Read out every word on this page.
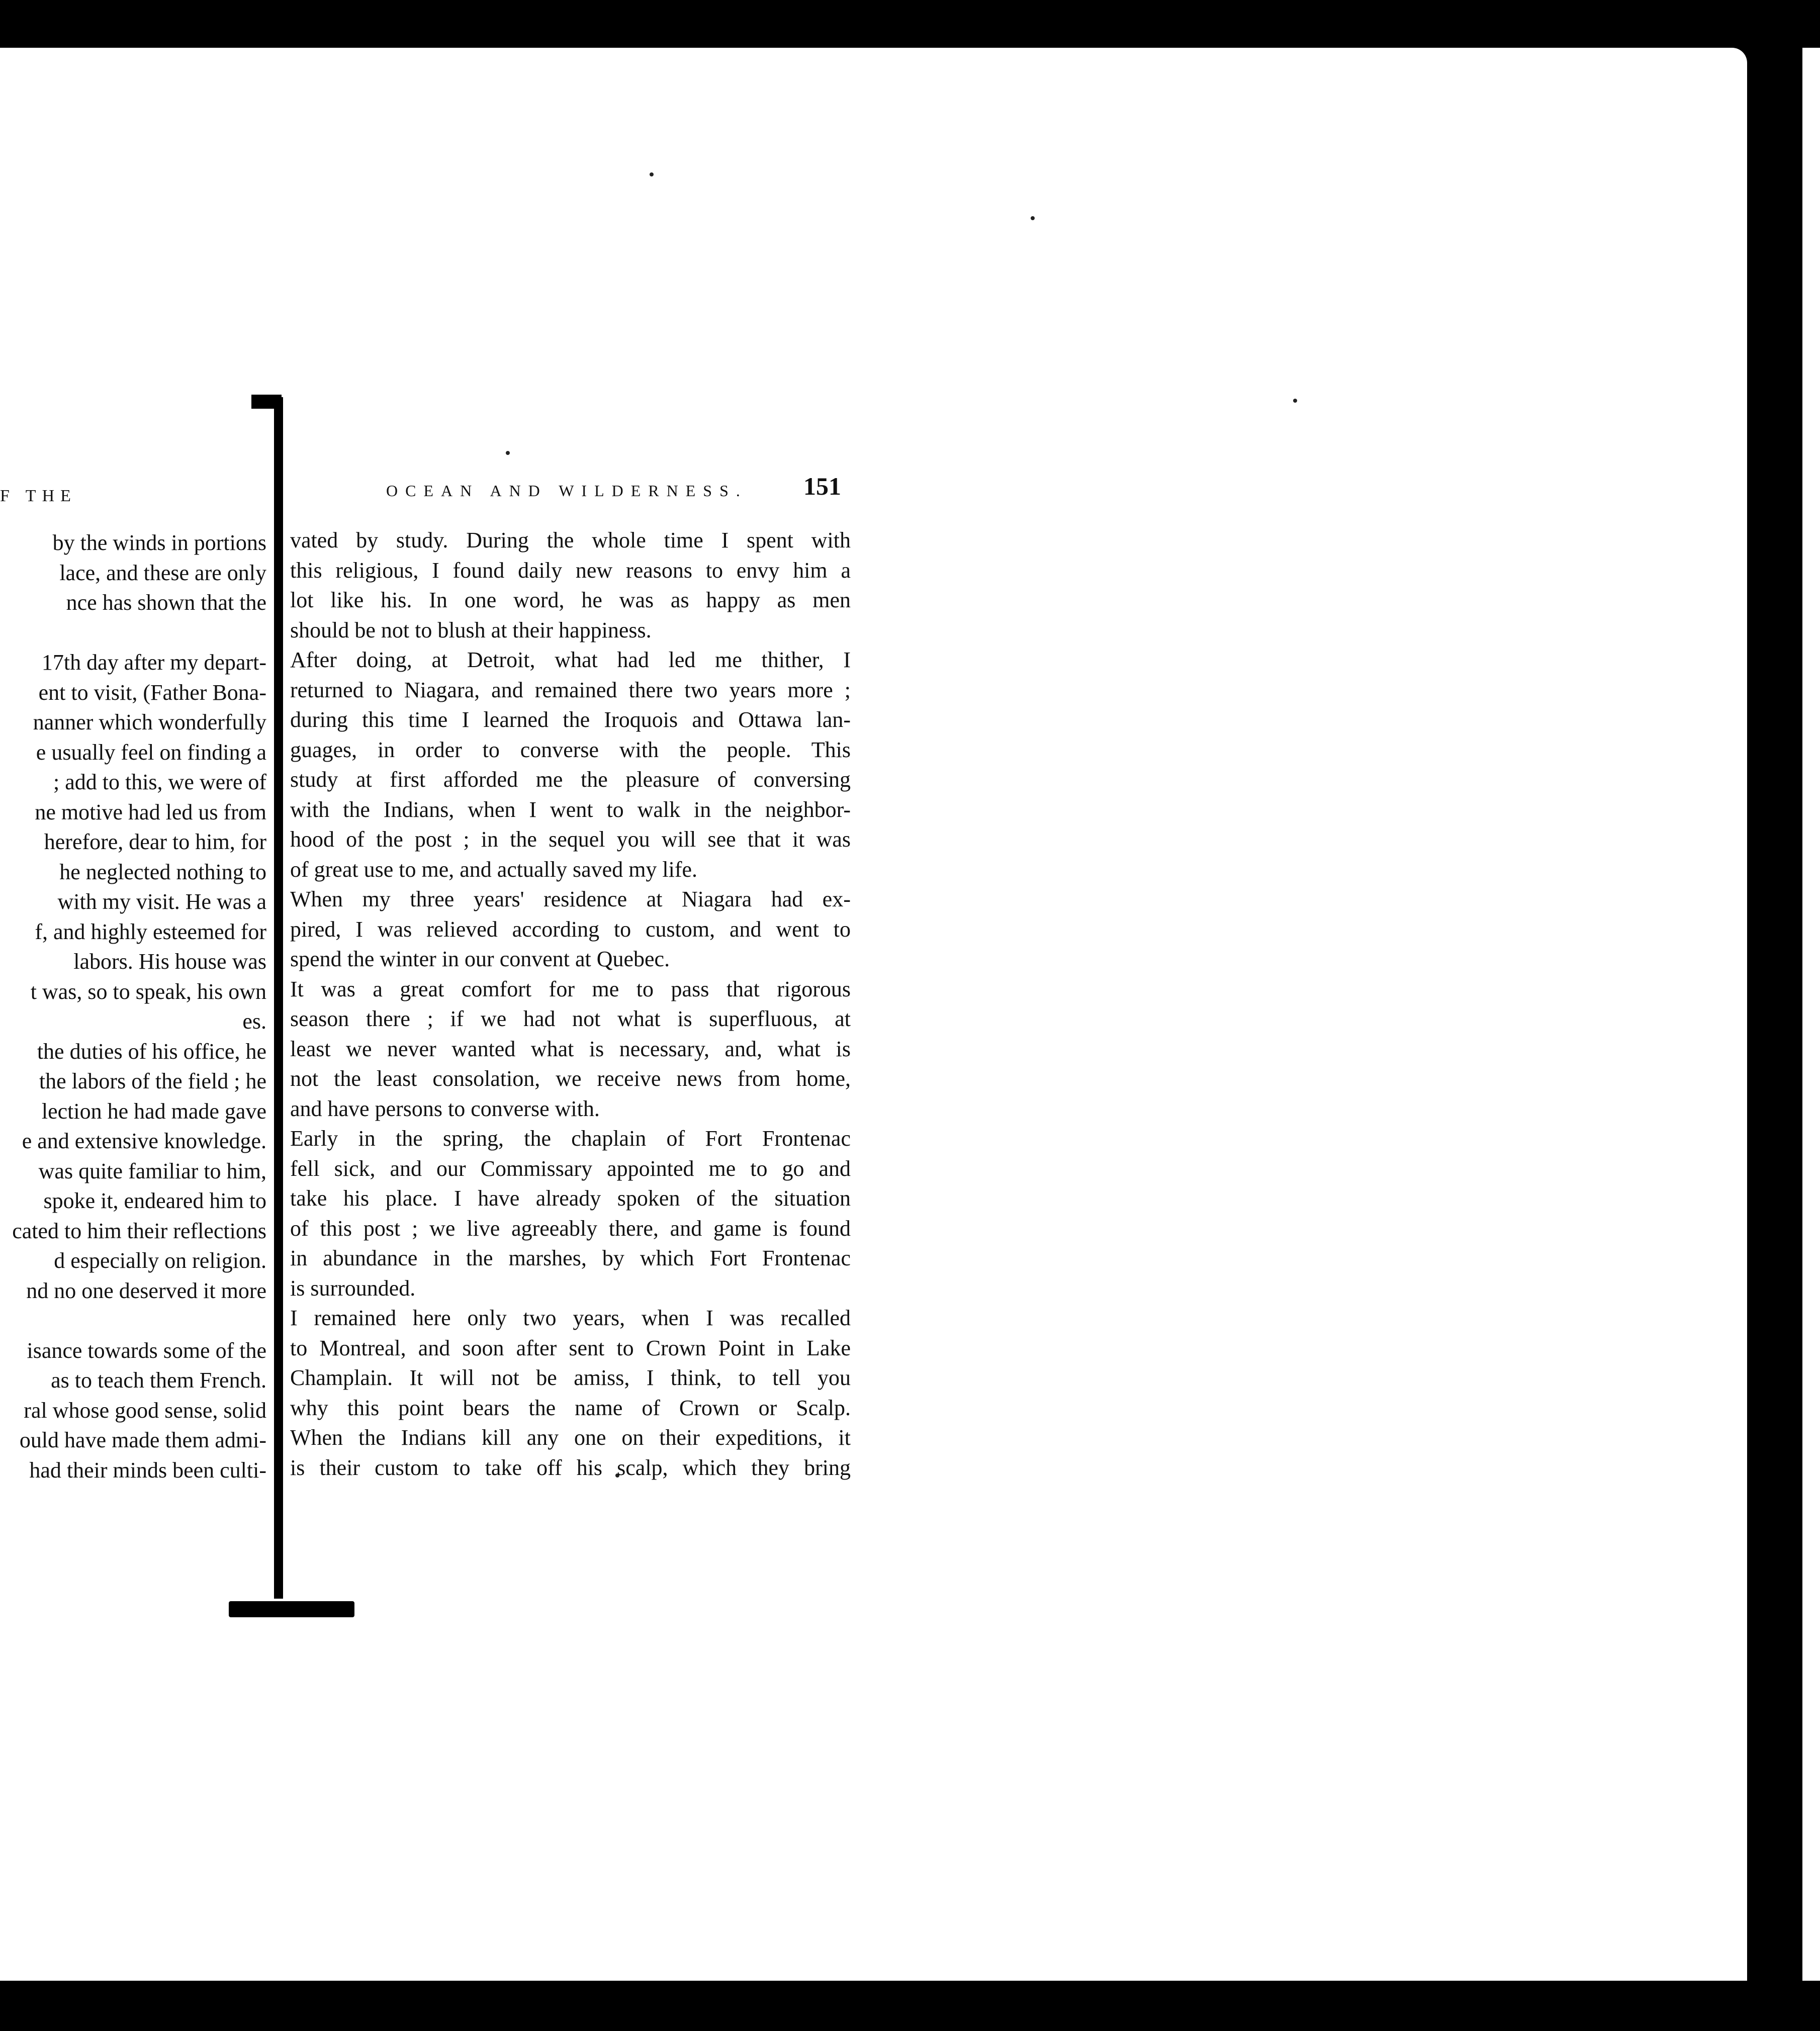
F THE

by the winds in portions

lace, and these are only

nce has shown that the

17th day after my depart-

ent to visit, (Father Bona-

nanner which wonderfully

e usually feel on finding a

; add to this, we were of

ne motive had led us from

herefore, dear to him, for

he neglected nothing to

with my visit. He was a

f, and highly esteemed for

labors. His house was

t was, so to speak, his own

es.

the duties of his office, he

the labors of the field ; he

lection he had made gave

e and extensive knowledge.

was quite familiar to him,

spoke it, endeared him to

cated to him their reflections

d especially on religion.

nd no one deserved it more

isance towards some of the

as to teach them French.

ral whose good sense, solid

ould have made them admi-

had their minds been culti-

OCEAN AND WILDERNESS. 151

vated by study. During the whole time I spent with

this religious, I found daily new reasons to envy him a

lot like his. In one word, he was as happy as men

should be not to blush at their happiness.

After doing, at Detroit, what had led me thither, I

returned to Niagara, and remained there two years more ;

during this time I learned the Iroquois and Ottawa lan-

guages, in order to converse with the people. This

study at first afforded me the pleasure of conversing

with the Indians, when I went to walk in the neighbor-

hood of the post ; in the sequel you will see that it was

of great use to me, and actually saved my life.

When my three years' residence at Niagara had ex-

pired, I was relieved according to custom, and went to

spend the winter in our convent at Quebec.

It was a great comfort for me to pass that rigorous

season there ; if we had not what is superfluous, at

least we never wanted what is necessary, and, what is

not the least consolation, we receive news from home,

and have persons to converse with.

Early in the spring, the chaplain of Fort Frontenac

fell sick, and our Commissary appointed me to go and

take his place. I have already spoken of the situation

of this post ; we live agreeably there, and game is found

in abundance in the marshes, by which Fort Frontenac

is surrounded.

I remained here only two years, when I was recalled

to Montreal, and soon after sent to Crown Point in Lake

Champlain. It will not be amiss, I think, to tell you

why this point bears the name of Crown or Scalp.

When the Indians kill any one on their expeditions, it

is their custom to take off his scalp, which they bring
